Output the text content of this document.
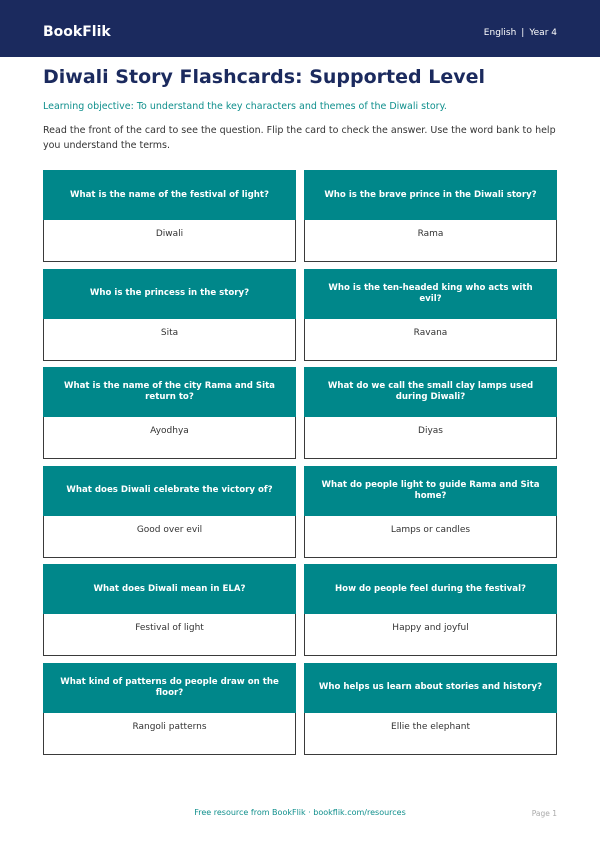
BookFlik	English | Year 4
Diwali Story Flashcards: Supported Level

Learning objective: To understand the key characters and themes of the Diwali story.

Read the front of the card to see the question. Flip the card to check the answer. Use the word bank to help you understand the terms.

What is the name of the festival of light?
Diwali
Who is the brave prince in the Diwali story?
Rama
Who is the princess in the story?
Sita
Who is the ten-headed king who acts with evil?
Ravana
What is the name of the city Rama and Sita return to?
Ayodhya
What do we call the small clay lamps used during Diwali?
Diyas
What does Diwali celebrate the victory of?
Good over evil
What do people light to guide Rama and Sita home?
Lamps or candles
What does Diwali mean in ELA?
Festival of light
How do people feel during the festival?
Happy and joyful
What kind of patterns do people draw on the floor?
Rangoli patterns
Who helps us learn about stories and history?
Ellie the elephant
Free resource from BookFlik · bookflik.com/resources	Page 1
